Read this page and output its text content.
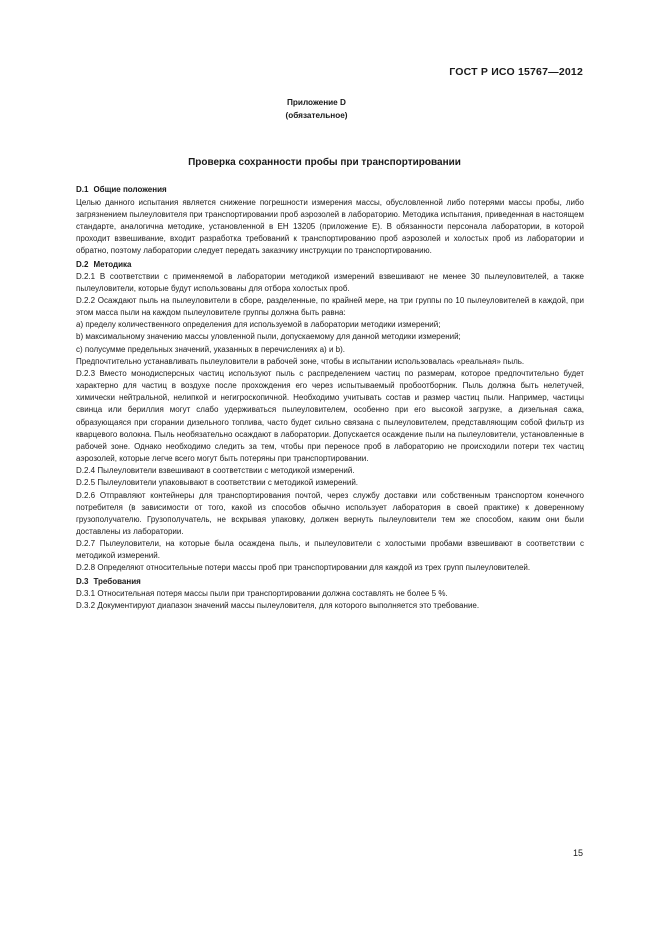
ГОСТ Р ИСО 15767—2012
Приложение D
(обязательное)
Проверка сохранности пробы при транспортировании

D.1 Общие положения

Целью данного испытания является снижение погрешности измерения массы, обусловленной либо потерями массы пробы, либо загрязнением пылеуловителя при транспортировании проб аэрозолей в лабораторию. Методика испытания, приведенная в настоящем стандарте, аналогична методике, установленной в ЕН 13205 (приложение Е). В обязанности персонала лаборатории, в которой проходит взвешивание, входит разработка требований к транспортированию проб аэрозолей и холостых проб из лаборатории и обратно, поэтому лаборатории следует передать заказчику инструкции по транспортированию.

D.2 Методика

D.2.1 В соответствии с применяемой в лаборатории методикой измерений взвешивают не менее 30 пылеуловителей, а также пылеуловители, которые будут использованы для отбора холостых проб.

D.2.2 Осаждают пыль на пылеуловители в сборе, разделенные, по крайней мере, на три группы по 10 пылеуловителей в каждой, при этом масса пыли на каждом пылеуловителе группы должна быть равна:

a) пределу количественного определения для используемой в лаборатории методики измерений;

b) максимальному значению массы уловленной пыли, допускаемому для данной методики измерений;

c) полусумме предельных значений, указанных в перечислениях a) и b).

Предпочтительно устанавливать пылеуловители в рабочей зоне, чтобы в испытании использовалась «реальная» пыль.

D.2.3 Вместо монодисперсных частиц используют пыль с распределением частиц по размерам, которое предпочтительно будет характерно для частиц в воздухе после прохождения его через испытываемый пробоотборник. Пыль должна быть нелетучей, химически нейтральной, нелипкой и негигроскопичной. Необходимо учитывать состав и размер частиц пыли. Например, частицы свинца или бериллия могут слабо удерживаться пылеуловителем, особенно при его высокой загрузке, а дизельная сажа, образующаяся при сгорании дизельного топлива, часто будет сильно связана с пылеуловителем, представляющим собой фильтр из кварцевого волокна. Пыль необязательно осаждают в лаборатории. Допускается осаждение пыли на пылеуловители, установленные в рабочей зоне. Однако необходимо следить за тем, чтобы при переносе проб в лабораторию не происходили потери тех частиц аэрозолей, которые легче всего могут быть потеряны при транспортировании.

D.2.4 Пылеуловители взвешивают в соответствии с методикой измерений.

D.2.5 Пылеуловители упаковывают в соответствии с методикой измерений.

D.2.6 Отправляют контейнеры для транспортирования почтой, через службу доставки или собственным транспортом конечного потребителя (в зависимости от того, какой из способов обычно использует лаборатория в своей практике) к доверенному грузополучателю. Грузополучатель, не вскрывая упаковку, должен вернуть пылеуловители тем же способом, каким они были доставлены из лаборатории.

D.2.7 Пылеуловители, на которые была осаждена пыль, и пылеуловители с холостыми пробами взвешивают в соответствии с методикой измерений.

D.2.8 Определяют относительные потери массы проб при транспортировании для каждой из трех групп пылеуловителей.

D.3 Требования

D.3.1 Относительная потеря массы пыли при транспортировании должна составлять не более 5 %.

D.3.2 Документируют диапазон значений массы пылеуловителя, для которого выполняется это требование.

15
